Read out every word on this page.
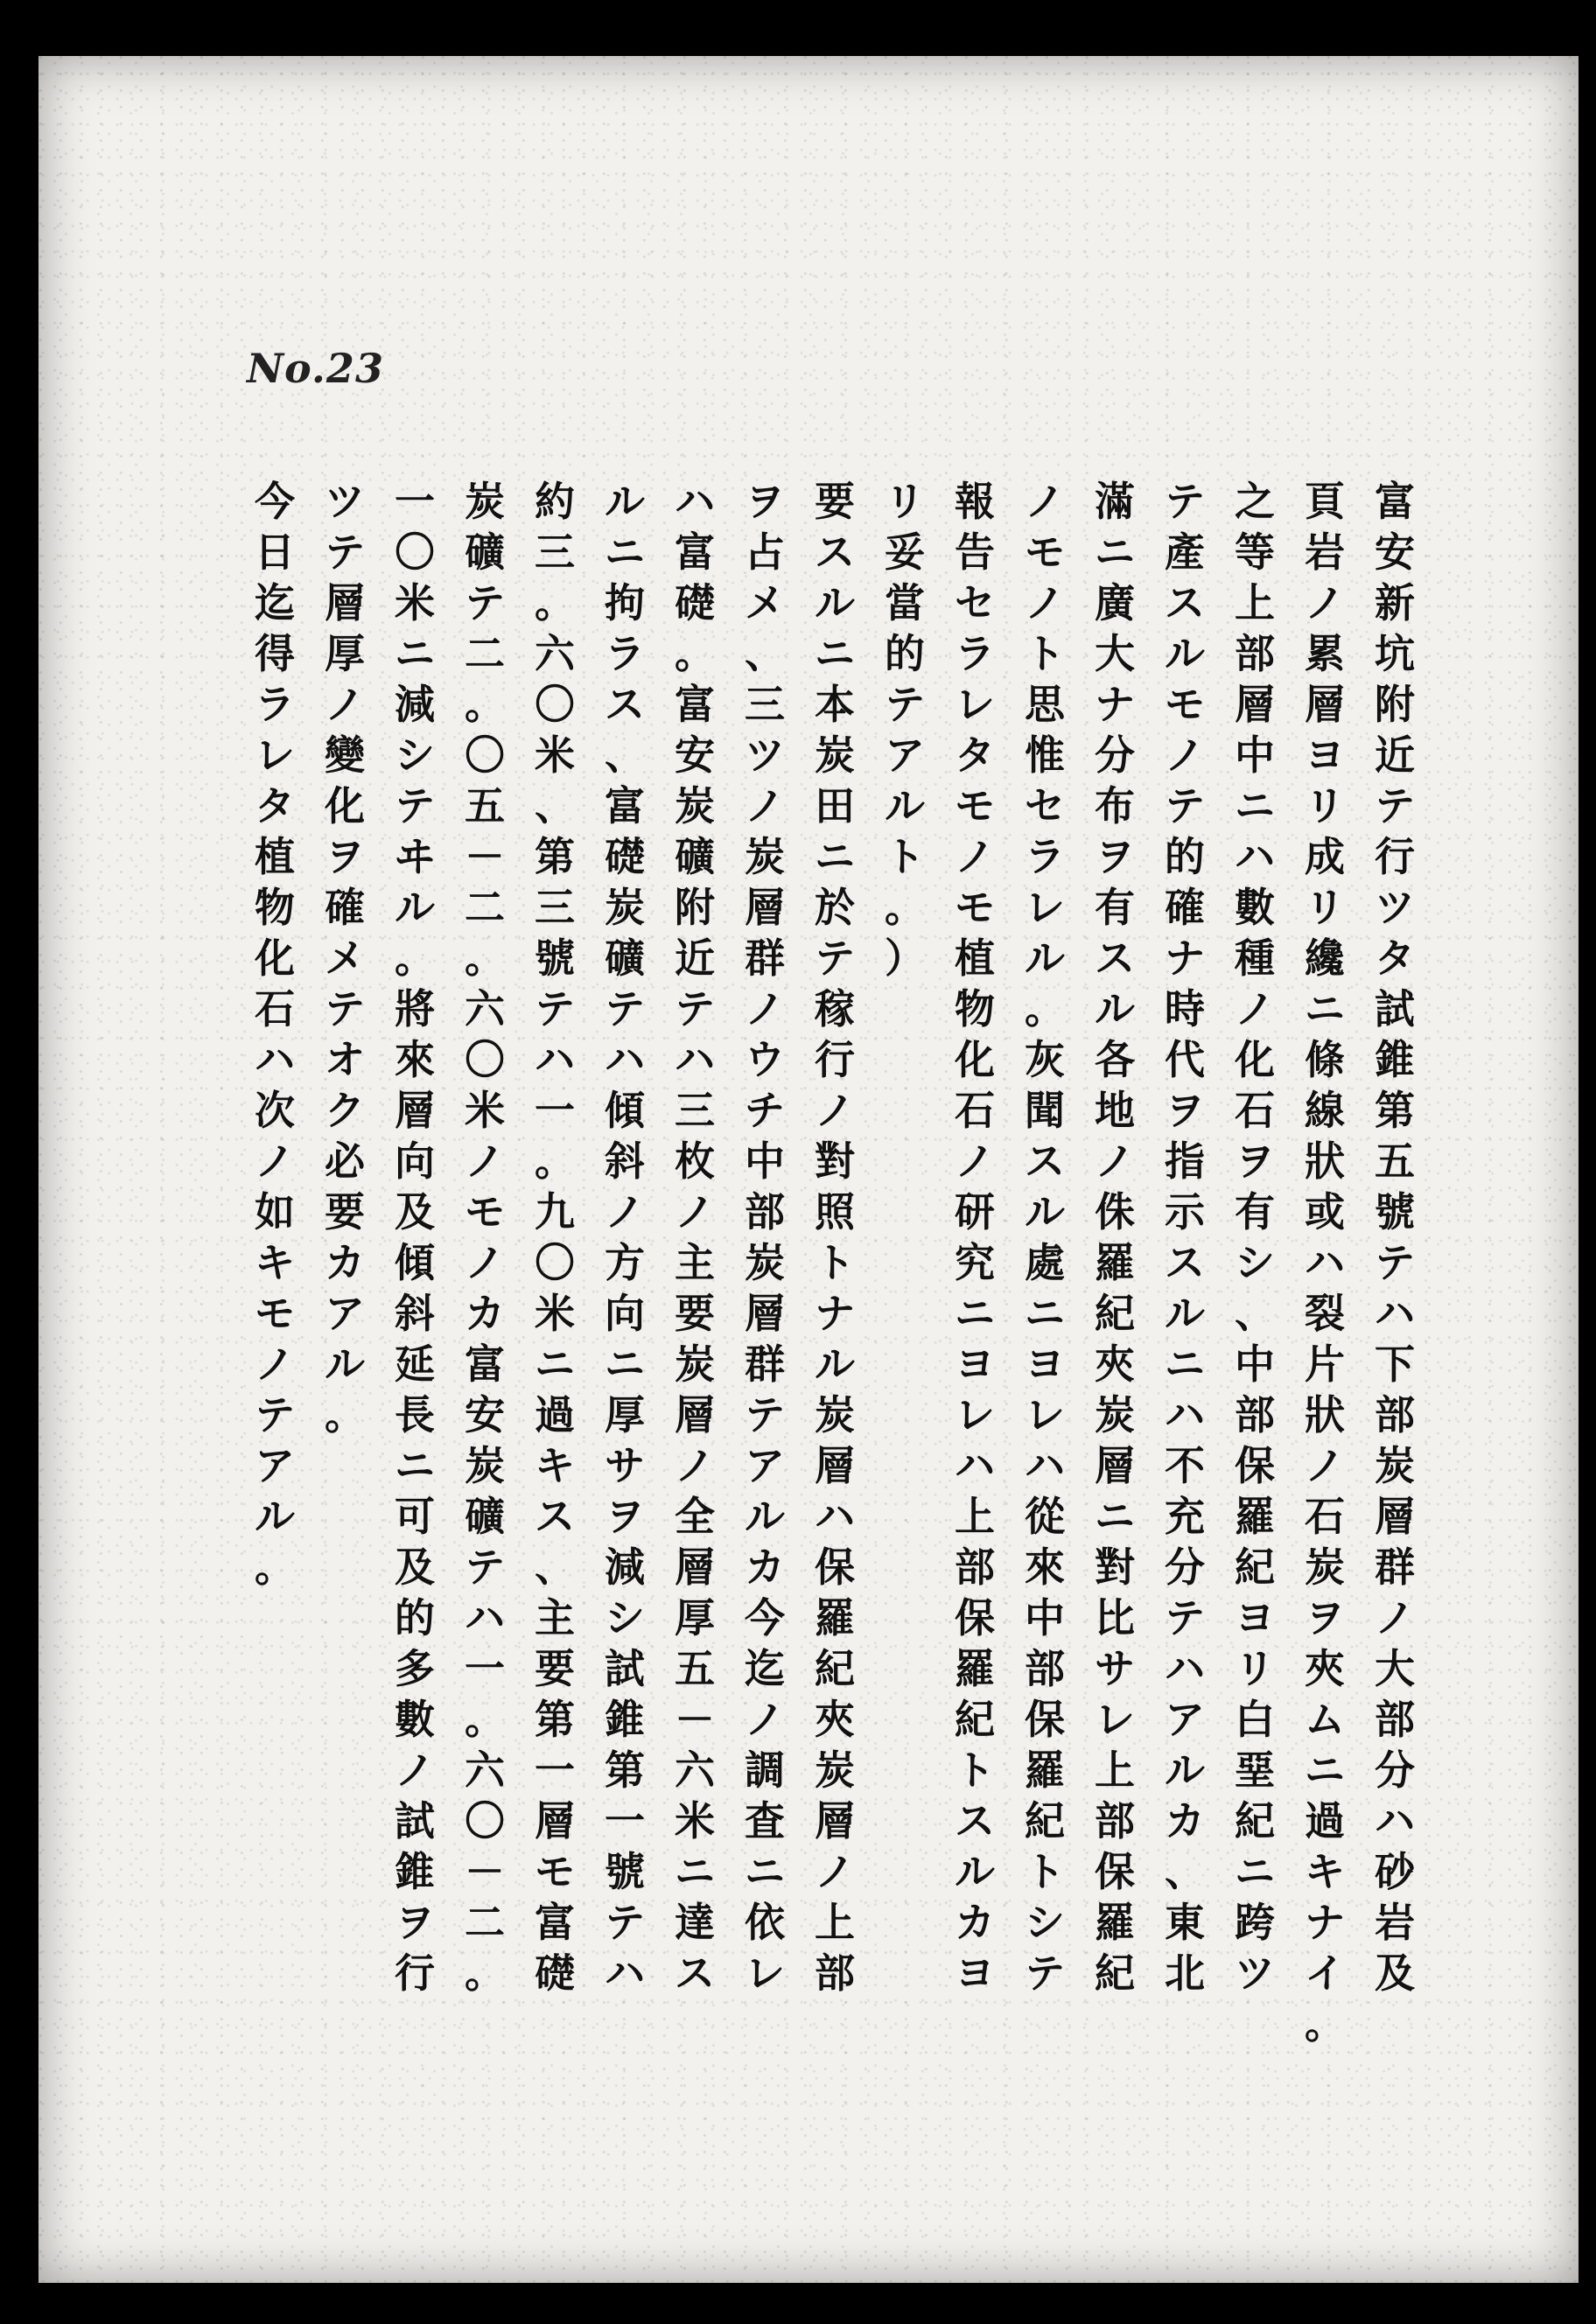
No.23
富
安
新
坑
附
近
テ
行
ツ
タ
試
錐
第
五
號
テ
ハ
下
部
炭
層
群
ノ
大
部
分
ハ
砂
岩
及
頁
岩
ノ
累
層
ヨ
リ
成
リ
纔
ニ
條
線
狀
或
ハ
裂
片
狀
ノ
石
炭
ヲ
夾
ム
ニ
過
キ
ナ
イ
。
之
等
上
部
層
中
ニ
ハ
數
種
ノ
化
石
ヲ
有
シ
、
中
部
保
羅
紀
ヨ
リ
白
堊
紀
ニ
跨
ツ
テ
產
ス
ル
モ
ノ
テ
的
確
ナ
時
代
ヲ
指
示
ス
ル
ニ
ハ
不
充
分
テ
ハ
ア
ル
カ
、
東
北
滿
ニ
廣
大
ナ
分
布
ヲ
有
ス
ル
各
地
ノ
侏
羅
紀
夾
炭
層
ニ
對
比
サ
レ
上
部
保
羅
紀
ノ
モ
ノ
ト
思
惟
セ
ラ
レ
ル
。
灰
聞
ス
ル
處
ニ
ヨ
レ
ハ
從
來
中
部
保
羅
紀
ト
シ
テ
報
告
セ
ラ
レ
タ
モ
ノ
モ
植
物
化
石
ノ
研
究
ニ
ヨ
レ
ハ
上
部
保
羅
紀
ト
ス
ル
カ
ヨ
リ
妥
當
的
テ
ア
ル
ト
。
）
要
ス
ル
ニ
本
炭
田
ニ
於
テ
稼
行
ノ
對
照
ト
ナ
ル
炭
層
ハ
保
羅
紀
夾
炭
層
ノ
上
部
ヲ
占
メ
、
三
ツ
ノ
炭
層
群
ノ
ウ
チ
中
部
炭
層
群
テ
ア
ル
カ
今
迄
ノ
調
査
ニ
依
レ
ハ
富
礎
。
富
安
炭
礦
附
近
テ
ハ
三
枚
ノ
主
要
炭
層
ノ
全
層
厚
五
－
六
米
ニ
達
ス
ル
ニ
拘
ラ
ス
、
富
礎
炭
礦
テ
ハ
傾
斜
ノ
方
向
ニ
厚
サ
ヲ
減
シ
試
錐
第
一
號
テ
ハ
約
三
。
六
〇
米
、
第
三
號
テ
ハ
一
。
九
〇
米
ニ
過
キ
ス
、
主
要
第
一
層
モ
富
礎
炭
礦
テ
二
。
〇
五
－
二
。
六
〇
米
ノ
モ
ノ
カ
富
安
炭
礦
テ
ハ
一
。
六
〇
－
二
。
一
〇
米
ニ
減
シ
テ
ヰ
ル
。
將
來
層
向
及
傾
斜
延
長
ニ
可
及
的
多
數
ノ
試
錐
ヲ
行
ツ
テ
層
厚
ノ
變
化
ヲ
確
メ
テ
オ
ク
必
要
カ
ア
ル
。
今
日
迄
得
ラ
レ
タ
植
物
化
石
ハ
次
ノ
如
キ
モ
ノ
テ
ア
ル
。
